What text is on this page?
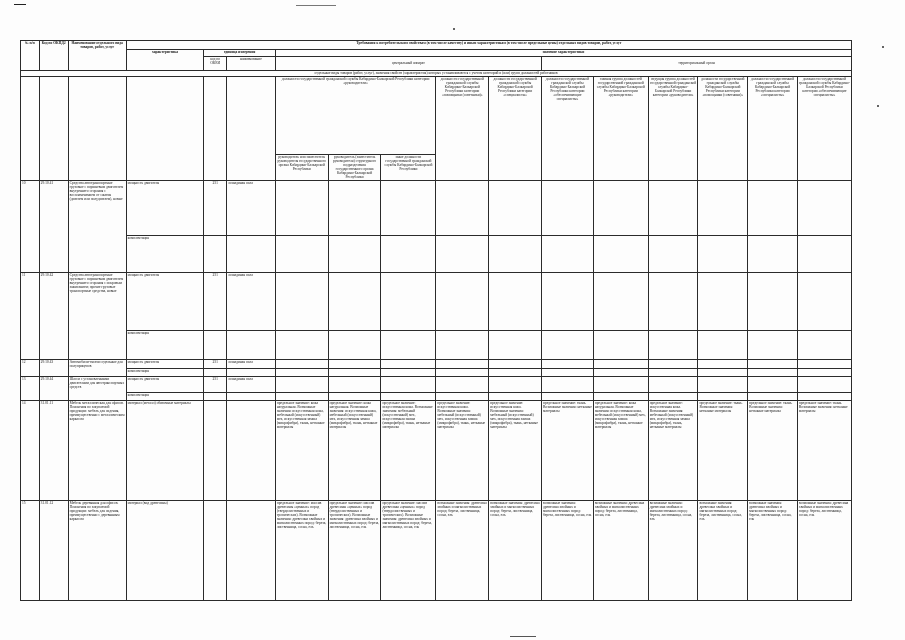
№ п/п	Код по ОКПД2	Наименование отдельного вида товаров, работ, услуг	Требования к потребительским свойствам (в том числе качеству) и иным характеристикам (в том числе предельные цены) отдельных видов товаров, работ, услуг													
			характеристика	единица измерения		значение характеристики										
				код по ОКЕИ	наименование	центральный аппарат					территориальный орган					
отдельные виды товаров (работ, услуг), значения свойств (характеристик) которых устанавливаются с учетом категорий и (или) групп должностей работников																
						должности государственной гражданской службы Кабардино-Балкарской Республики категории «руководители»			должности государственной гражданской службы Кабардино-Балкарской Республики категории «помощники (советники)»	должности государственной гражданской службы Кабардино-Балкарской Республики категории «специалисты»	должности государственной гражданской службы Кабардино-Балкарской Республики категории «обеспечивающие специалисты»	главная группа должностей государственной гражданской службы Кабардино-Балкарской Республики категории «руководители»	ведущая группа должностей государственной гражданской службы Кабардино-Балкарской Республики категории «руководители»	должности государственной гражданской службы Кабардино-Балкарской Республики категории «помощники (советники)»	должности государственной гражданской службы Кабардино-Балкарской Республики категории «специалисты»	должности государственной гражданской службы Кабардино-Балкарской Республики категории «обеспечивающие специалисты»
						руководитель или заместитель руководителя государственного органа Кабардино-Балкарской Республики	руководитель (заместитель руководителя) структурного подразделения государственного органа Кабардино-Балкарской Республики	иные должности государственной гражданской службы Кабардино-Балкарской Республики								
10	29.10.41	Средства автотранспортные грузовые с поршневым двигателем внутреннего сгорания с воспламенением от сжатия (дизелем или полудизелем), новые	мощность двигателя	251	лошадиная сила											
			комплектация													
11	29.10.42	Средства автотранспортные грузовые с поршневым двигателем внутреннего сгорания с искровым зажиганием; прочие грузовые транспортные средства, новые	мощность двигателя	251	лошадиная сила											
			комплектация													
12	29.10.43	Автомобили-тягачи седельные для полуприцепов	мощность двигателя	251	лошадиная сила											
			комплектация													
13	29.10.44	Шасси с установленными двигателями для автотранспортных средств	мощность двигателя	251	лошадиная сила											
			комплектация													
14	31.01.11	Мебель металлическая для офисов. Пояснения по закупаемой продукции: мебель для сидения, преимущественно с металлическим каркасом	материал (металл) обивочные материалы			предельное значение: кожа натуральная. Возможные значения: искусственная кожа, мебельный (искусственный) мех, искусственная замша (микрофибра), ткань, нетканые материалы	предельное значение: кожа натуральная. Возможные значения: искусственная кожа, мебельный (искусственный) мех, искусственная замша (микрофибра), ткань, нетканые материалы	предельное значение: искусственная кожа. Возможные значения: мебельный (искусственный) мех, искусственная замша (микрофибра), ткань, нетканые материалы	предельное значение: искусственная кожа. Возможные значения: мебельный (искусственный) мех, искусственная замша (микрофибра), ткань, нетканые материалы	предельное значение: искусственная кожа. Возможные значения: мебельный (искусственный) мех, искусственная замша (микрофибра), ткань, нетканые материалы	предельное значение: ткань. Возможные значения: нетканые материалы	предельное значение: кожа натуральная. Возможные значения: искусственная кожа, мебельный (искусственный) мех, искусственная замша (микрофибра), ткань, нетканые материалы	предельное значение: искусственная кожа. Возможные значения: мебельный (искусственный) мех, искусственная замша (микрофибра), ткань, нетканые материалы	предельное значение: ткань. Возможные значения: нетканые материалы	предельное значение: ткань. Возможные значения: нетканые материалы	предельное значение: ткань. Возможные значения: нетканые материалы
15	31.01.12	Мебель деревянная для офисов. Пояснения по закупаемой продукции: мебель для сидения, преимущественно с деревянным каркасом	материал (вид древесины)			предельное значение: массив древесины «ценных» пород (твердолиственных и тропических). Возможные значения: древесина хвойных и мягколиственных пород: береза, лиственница, сосна, ель	предельное значение: массив древесины «ценных» пород (твердолиственных и тропических). Возможные значения: древесина хвойных и мягколиственных пород: береза, лиственница, сосна, ель	предельное значение: массив древесины «ценных» пород (твердолиственных и тропических). Возможные значения: древесина хвойных и мягколиственных пород: береза, лиственница, сосна, ель	возможные значения: древесина хвойных и мягколиственных пород: береза, лиственница, сосна, ель	возможные значения: древесина хвойных и мягколиственных пород: береза, лиственница, сосна, ель	возможные значения: древесина хвойных и мягколиственных пород: береза, лиственница, сосна, ель	возможные значения: древесина хвойных и мягколиственных пород: береза, лиственница, сосна, ель	возможные значения: древесина хвойных и мягколиственных пород: береза, лиственница, сосна, ель	возможные значения: древесина хвойных и мягколиственных пород: береза, лиственница, сосна, ель	возможные значения: древесина хвойных и мягколиственных пород: береза, лиственница, сосна, ель	возможные значения: древесина хвойных и мягколиственных пород: береза, лиственница, сосна, ель
